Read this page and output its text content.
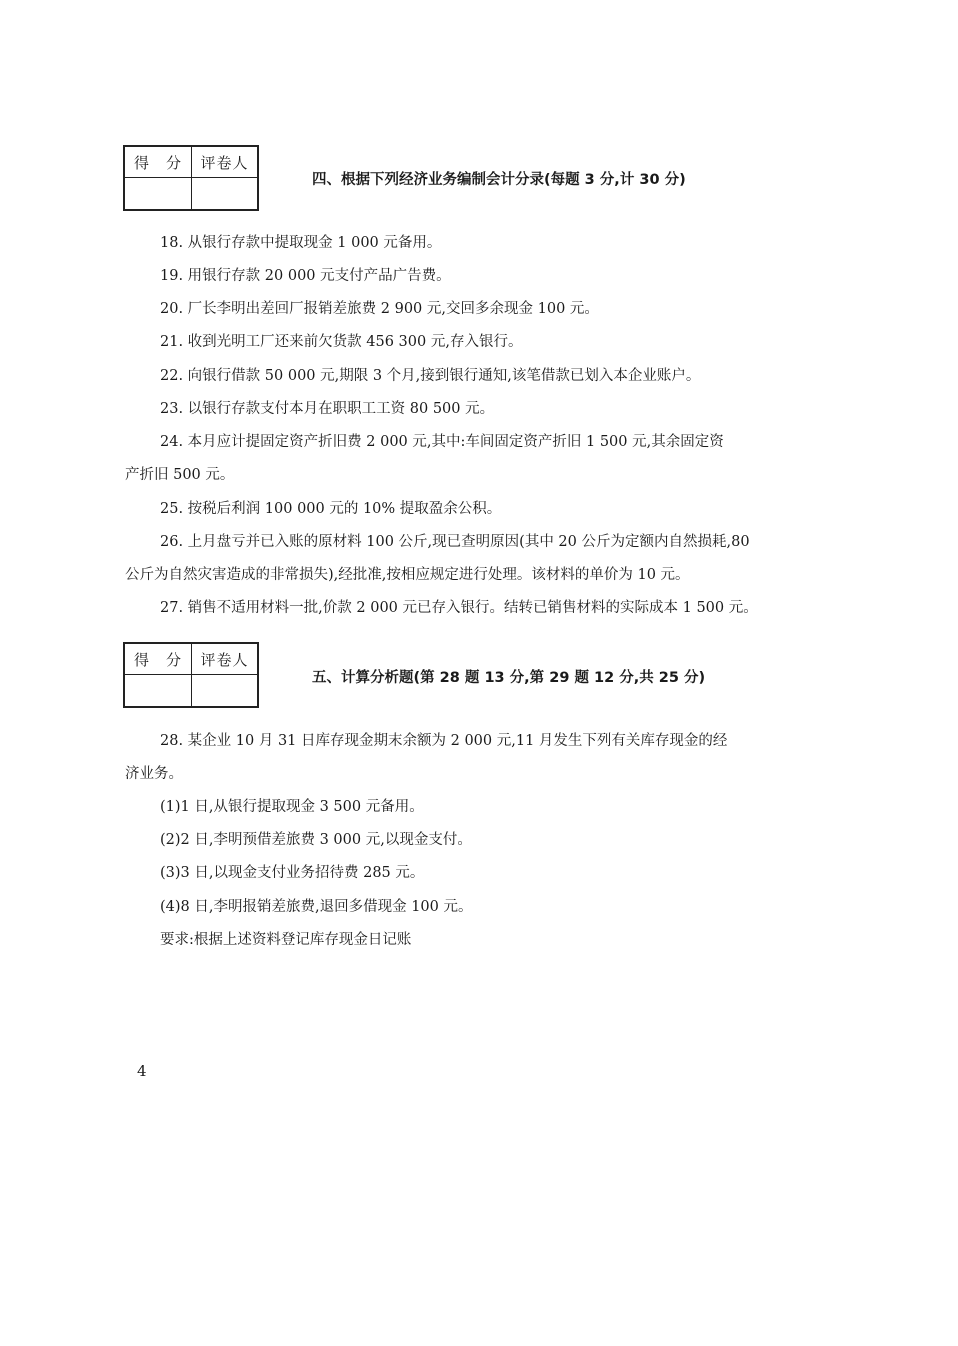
得　分	评卷人
四、根据下列经济业务编制会计分录(每题 3 分,计 30 分)
18. 从银行存款中提取现金 1 000 元备用。
19. 用银行存款 20 000 元支付产品广告费。
20. 厂长李明出差回厂报销差旅费 2 900 元,交回多余现金 100 元。
21. 收到光明工厂还来前欠货款 456 300 元,存入银行。
22. 向银行借款 50 000 元,期限 3 个月,接到银行通知,该笔借款已划入本企业账户。
23. 以银行存款支付本月在职职工工资 80 500 元。
24. 本月应计提固定资产折旧费 2 000 元,其中:车间固定资产折旧 1 500 元,其余固定资
产折旧 500 元。
25. 按税后利润 100 000 元的 10% 提取盈余公积。
26. 上月盘亏并已入账的原材料 100 公斤,现已查明原因(其中 20 公斤为定额内自然损耗,80
公斤为自然灾害造成的非常损失),经批准,按相应规定进行处理。该材料的单价为 10 元。
27. 销售不适用材料一批,价款 2 000 元已存入银行。结转已销售材料的实际成本 1 500 元。
得　分	评卷人
五、计算分析题(第 28 题 13 分,第 29 题 12 分,共 25 分)
28. 某企业 10 月 31 日库存现金期末余额为 2 000 元,11 月发生下列有关库存现金的经
济业务。
(1)1 日,从银行提取现金 3 500 元备用。
(2)2 日,李明预借差旅费 3 000 元,以现金支付。
(3)3 日,以现金支付业务招待费 285 元。
(4)8 日,李明报销差旅费,退回多借现金 100 元。
要求:根据上述资料登记库存现金日记账
4
